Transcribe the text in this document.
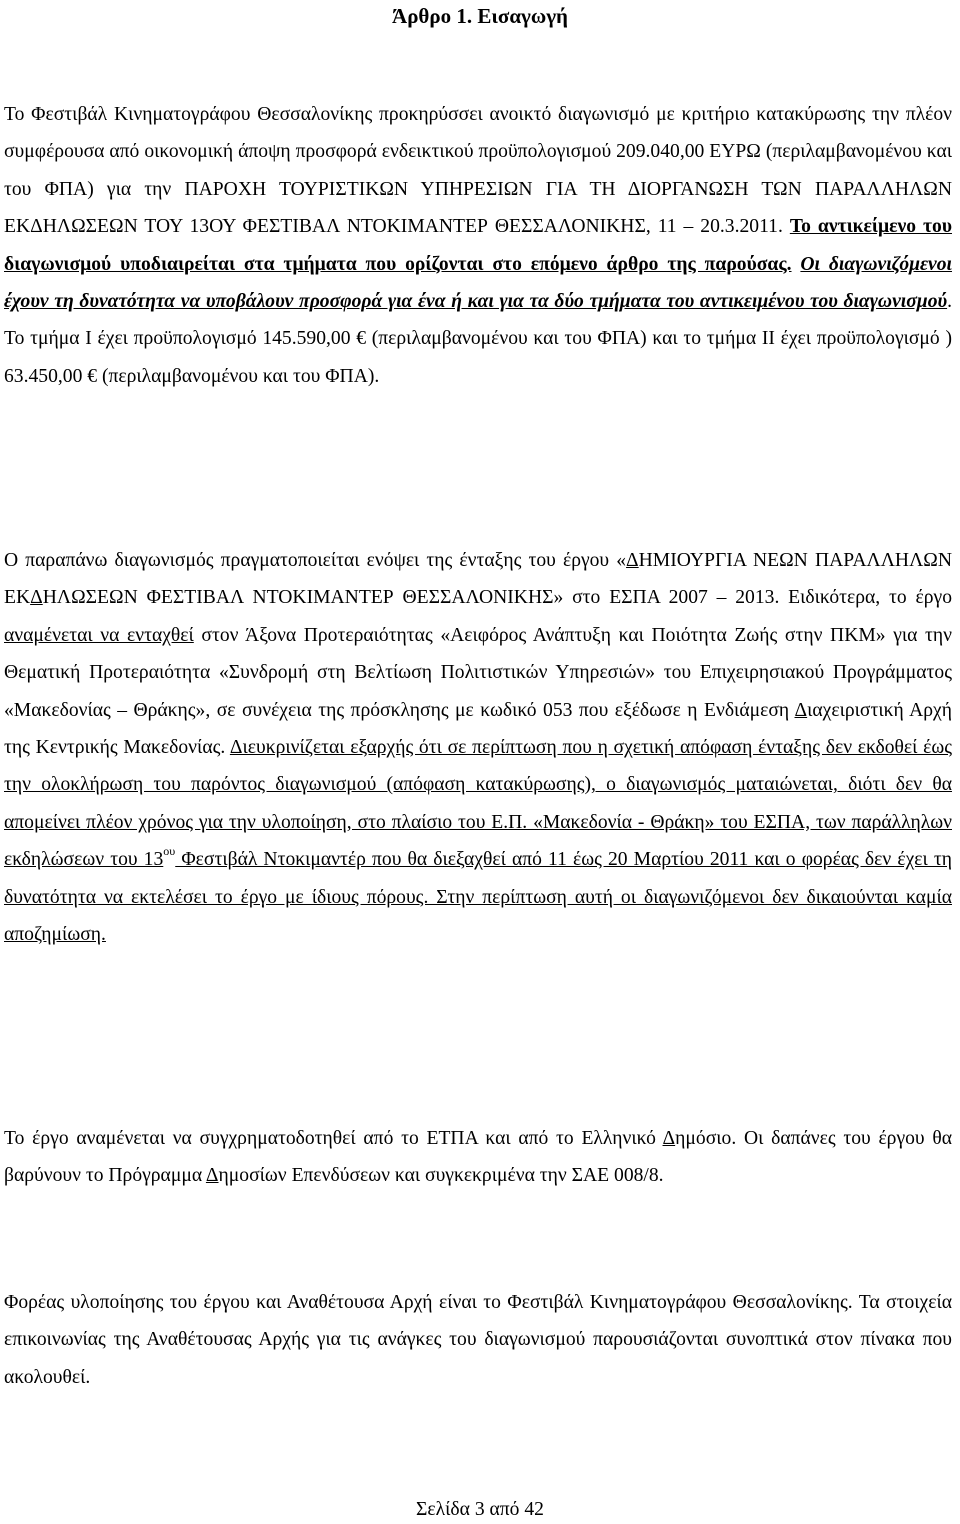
Άρθρο 1. Εισαγωγή

Το Φεστιβάλ Κινηματογράφου Θεσσαλονίκης προκηρύσσει ανοικτό διαγωνισμό με κριτήριο κατακύρωσης την πλέον συμφέρουσα από οικονομική άποψη προσφορά ενδεικτικού προϋπολογισμού 209.040,00 ΕΥΡΩ (περιλαμβανομένου και του ΦΠΑ) για την ΠΑΡΟΧΗ ΤΟΥΡΙΣΤΙΚΩΝ ΥΠΗΡΕΣΙΩΝ ΓΙΑ ΤΗ ΔΙΟΡΓΑΝΩΣΗ ΤΩΝ ΠΑΡΑΛΛΗΛΩΝ ΕΚΔΗΛΩΣΕΩΝ ΤΟΥ 13ΟΥ ΦΕΣΤΙΒΑΛ ΝΤΟΚΙΜΑΝΤΕΡ ΘΕΣΣΑΛΟΝΙΚΗΣ, 11 – 20.3.2011. Το αντικείμενο του διαγωνισμού υποδιαιρείται στα τμήματα που ορίζονται στο επόμενο άρθρο της παρούσας. Οι διαγωνιζόμενοι έχουν τη δυνατότητα να υποβάλουν προσφορά για ένα ή και για τα δύο τμήματα του αντικειμένου του διαγωνισμού. Το τμήμα Ι έχει προϋπολογισμό 145.590,00 € (περιλαμβανομένου και του ΦΠΑ) και το τμήμα ΙΙ έχει προϋπολογισμό ) 63.450,00 € (περιλαμβανομένου και του ΦΠΑ).

Ο παραπάνω διαγωνισμός πραγματοποιείται ενόψει της ένταξης του έργου «ΔΗΜΙΟΥΡΓΙΑ ΝΕΩΝ ΠΑΡΑΛΛΗΛΩΝ ΕΚΔΗΛΩΣΕΩΝ ΦΕΣΤΙΒΑΛ ΝΤΟΚΙΜΑΝΤΕΡ ΘΕΣΣΑΛΟΝΙΚΗΣ» στο ΕΣΠΑ 2007 – 2013. Ειδικότερα, το έργο αναμένεται να ενταχθεί στον Άξονα Προτεραιότητας «Αειφόρος Ανάπτυξη και Ποιότητα Ζωής στην ΠΚΜ» για την Θεματική Προτεραιότητα «Συνδρομή στη Βελτίωση Πολιτιστικών Υπηρεσιών» του Επιχειρησιακού Προγράμματος «Μακεδονίας – Θράκης», σε συνέχεια της πρόσκλησης με κωδικό 053 που εξέδωσε η Ενδιάμεση Διαχειριστική Αρχή της Κεντρικής Μακεδονίας. Διευκρινίζεται εξαρχής ότι σε περίπτωση που η σχετική απόφαση ένταξης δεν εκδοθεί έως την ολοκλήρωση του παρόντος διαγωνισμού (απόφαση κατακύρωσης), ο διαγωνισμός ματαιώνεται, διότι δεν θα απομείνει πλέον χρόνος για την υλοποίηση, στο πλαίσιο του Ε.Π. «Μακεδονία - Θράκη» του ΕΣΠΑ, των παράλληλων εκδηλώσεων του $13^{o\upsilon}$ Φεστιβάλ Ντοκιμαντέρ που θα διεξαχθεί από 11 έως 20 Μαρτίου 2011 και ο φορέας δεν έχει τη δυνατότητα να εκτελέσει το έργο με ίδιους πόρους. Στην περίπτωση αυτή οι διαγωνιζόμενοι δεν δικαιούνται καμία αποζημίωση.

Το έργο αναμένεται να συγχρηματοδοτηθεί από το ΕΤΠΑ και από το Ελληνικό Δημόσιο. Οι δαπάνες του έργου θα βαρύνουν το Πρόγραμμα Δημοσίων Επενδύσεων και συγκεκριμένα την ΣΑΕ 008/8.

Φορέας υλοποίησης του έργου και Αναθέτουσα Αρχή είναι το Φεστιβάλ Κινηματογράφου Θεσσαλονίκης. Τα στοιχεία επικοινωνίας της Αναθέτουσας Αρχής για τις ανάγκες του διαγωνισμού παρουσιάζονται συνοπτικά στον πίνακα που ακολουθεί.

Σελίδα 3 από 42
